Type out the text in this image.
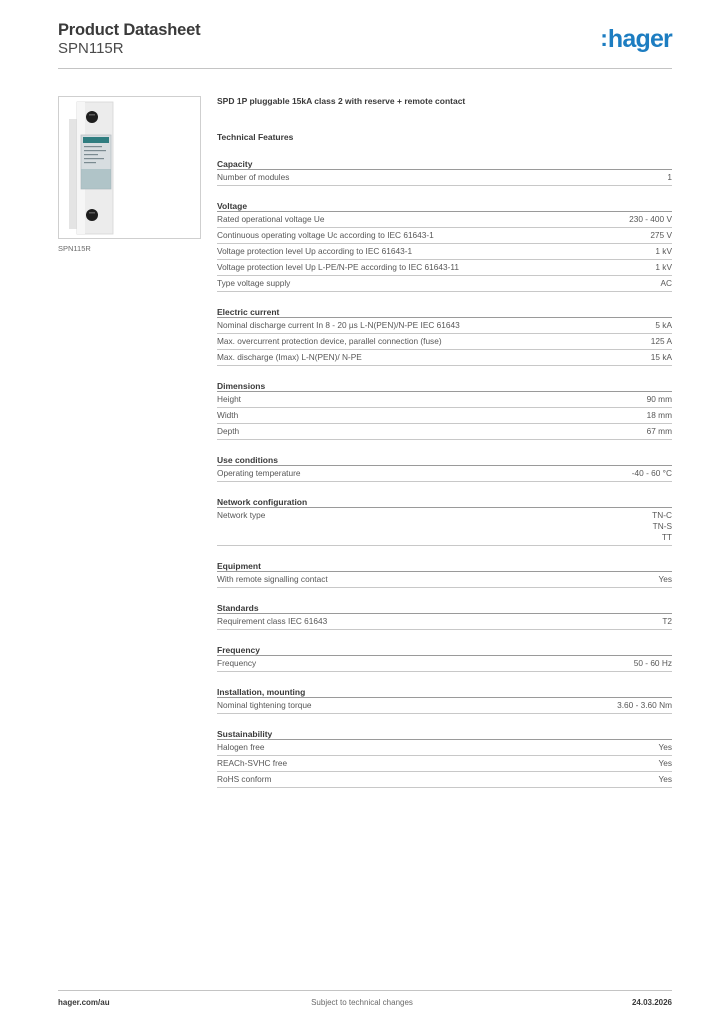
Product Datasheet
SPN115R	:hager
SPN115R
SPD 1P pluggable 15kA class 2 with reserve + remote contact
Technical Features
Capacity
Number of modules	1
Voltage
Rated operational voltage Ue	230 - 400 V
Continuous operating voltage Uc according to IEC 61643-1	275 V
Voltage protection level Up according to IEC 61643-1	1 kV
Voltage protection level Up L-PE/N-PE according to IEC 61643-11	1 kV
Type voltage supply	AC
Electric current
Nominal discharge current In 8 - 20 µs L-N(PEN)/N-PE IEC 61643	5 kA
Max. overcurrent protection device, parallel connection (fuse)	125 A
Max. discharge (Imax) L-N(PEN)/ N-PE	15 kA
Dimensions
Height	90 mm
Width	18 mm
Depth	67 mm
Use conditions
Operating temperature	-40 - 60 °C
Network configuration
Network type	TN-C
TN-S
TT
Equipment
With remote signalling contact	Yes
Standards
Requirement class IEC 61643	T2
Frequency
Frequency	50 - 60 Hz
Installation, mounting
Nominal tightening torque	3.60 - 3.60 Nm
Sustainability
Halogen free	Yes
REACh-SVHC free	Yes
RoHS conform	Yes
hager.com/au	Subject to technical changes	24.03.2026
